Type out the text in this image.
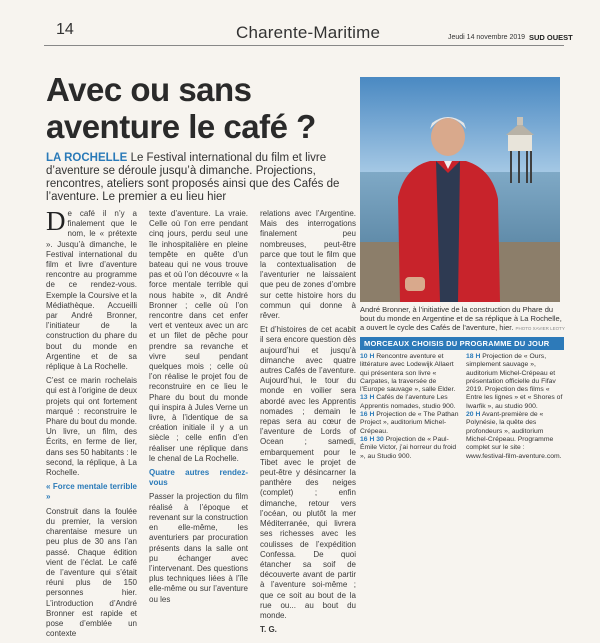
14	Charente-Maritime	Jeudi 14 novembre 2019 SUD OUEST
Avec ou sans aventure le café ?
LA ROCHELLE Le Festival international du film et livre d’aventure se déroule jusqu’à dimanche. Projections, rencontres, ateliers sont proposés ainsi que des Cafés de l’aventure. Le premier a eu lieu hier

De café il n’y a finalement que le nom, le « prétexte ». Jusqu’à dimanche, le Festival international du film et livre d’aventure rencontre au programme de ce rendez-vous. Exemple la Coursive et la Médiathèque. Accueilli par André Bronner, l’initiateur de la construction du phare du bout du monde en Argentine et de sa réplique à La Rochelle.

C’est ce marin rochelais qui est à l’origine de deux projets qui ont fortement marqué : reconstruire le Phare du bout du monde. Un livre, un film, des Écrits, en ferme de lier, dans ses 50 habitants : le second, la réplique, à La Rochelle.

« Force mentale terrible »

Construit dans la foulée du premier, la version charentaise mesure un peu plus de 30 ans l’an passé. Chaque édition vient de l’éclat. Le café de l’aventure qui s’était réuni plus de 150 personnes hier. L’introduction d’André Bronner est rapide et pose d’emblée un contexte

texte d’aventure. La vraie. Celle où l’on erre pendant cinq jours, perdu seul une île inhospitalière en pleine tempête en quête d’un bateau qui ne vous trouve pas et où l’on découvre « la force mentale terrible qui nous habite », dit André Bronner ; celle où l’on rencontre dans cet enfer vert et venteux avec un arc et un filet de pêche pour prendre sa revanche et vivre seul pendant quelques mois ; celle où l’on réalise le projet fou de reconstruire en ce lieu le Phare du bout du monde qui inspira à Jules Verne un livre, à l’identique de sa création initiale il y a un siècle ; celle enfin d’en réaliser une réplique dans le chenal de La Rochelle.

Quatre autres rendez-vous

Passer la projection du film réalisé à l’époque et revenant sur la construction en elle-même, les aventuriers par procuration présents dans la salle ont pu échanger avec l’intervenant. Des questions plus techniques liées à l’île elle-même ou sur l’aventure ou les

relations avec l’Argentine. Mais des interrogations finalement peu nombreuses, peut-être parce que tout le film que la contextualisation de l’aventurier ne laissaient que peu de zones d’ombre sur cette histoire hors du commun qui donne à rêver.

Et d’histoires de cet acabit il sera encore question dès aujourd’hui et jusqu’à dimanche avec quatre autres Cafés de l’aventure. Aujourd’hui, le tour du monde en voilier sera abordé avec les Apprentis nomades ; demain le repas sera au cœur de l’aventure de Lords of Ocean ; samedi, embarquement pour le Tibet avec le projet de peut-être y désincarner la panthère des neiges (complet) ; enfin dimanche, retour vers l’océan, ou plutôt la mer Méditerranée, qui livrera ses richesses avec les coulisses de l’expédition Confessa. De quoi étancher sa soif de découverte avant de partir à l’aventure soi-même ; que ce soit au bout de la rue ou... au bout du monde.

T. G.

André Bronner, à l’initiative de la construction du Phare du bout du monde en Argentine et de sa réplique à La Rochelle, a ouvert le cycle des Cafés de l’aventure, hier. PHOTO XAVIER LEOTY
MORCEAUX CHOISIS DU PROGRAMME DU JOUR
10 H Rencontre aventure et littérature avec Lodewijk Allaert qui présentera son livre « Carpates, la traversée de l’Europe sauvage », salle Elder.
13 H Cafés de l’aventure Les Apprentis nomades, studio 900.
16 H Projection de « The Pathan Project », auditorium Michel-Crépeau.
16 H 30 Projection de « Paul-Émile Victor, j’ai horreur du froid », au Studio 900.
18 H Projection de « Ours, simplement sauvage », auditorium Michel-Crépeau et présentation officielle du Fifav 2019. Projection des films « Entre les lignes » et « Shores of Iwarfik », au studio 900.
20 H Avant-première de « Polynésie, la quête des profondeurs », auditorium Michel-Crépeau. Programme complet sur le site : www.festival-film-aventure.com.
